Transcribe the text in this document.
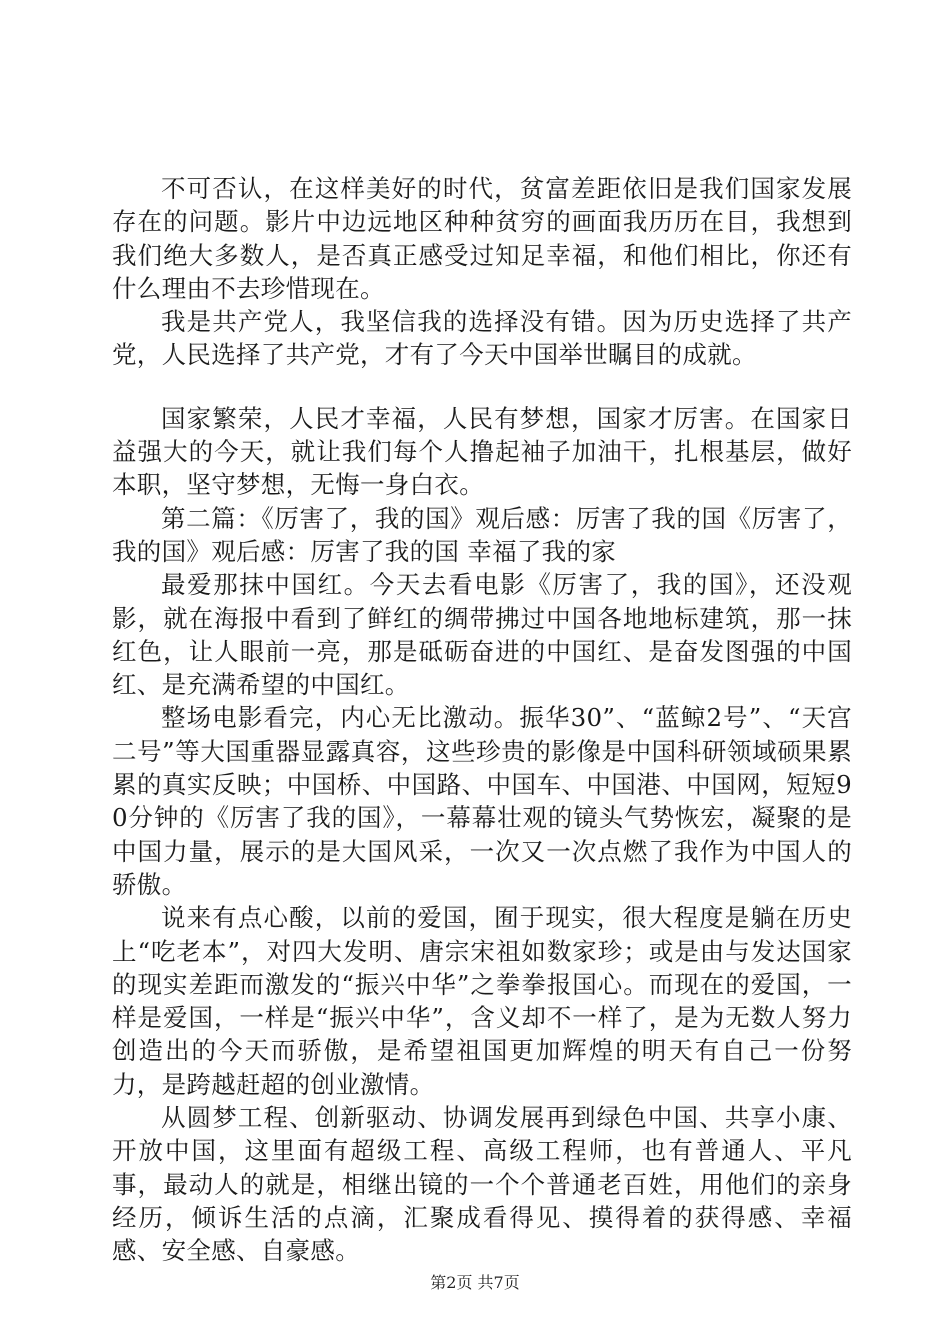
不可否认，在这样美好的时代，贫富差距依旧是我们国家发展存在的问题。影片中边远地区种种贫穷的画面我历历在目，我想到我们绝大多数人，是否真正感受过知足幸福，和他们相比，你还有什么理由不去珍惜现在。

我是共产党人，我坚信我的选择没有错。因为历史选择了共产党，人民选择了共产党，才有了今天中国举世瞩目的成就。

国家繁荣，人民才幸福，人民有梦想，国家才厉害。在国家日益强大的今天，就让我们每个人撸起袖子加油干，扎根基层，做好本职，坚守梦想，无悔一身白衣。

第二篇：《厉害了，我的国》观后感：厉害了我的国《厉害了，我的国》观后感：厉害了我的国 幸福了我的家

最爱那抹中国红。今天去看电影《厉害了，我的国》，还没观影，就在海报中看到了鲜红的绸带拂过中国各地地标建筑，那一抹红色，让人眼前一亮，那是砥砺奋进的中国红、是奋发图强的中国红、是充满希望的中国红。

整场电影看完，内心无比激动。振华30”、“蓝鲸2号”、“天宫二号”等大国重器显露真容，这些珍贵的影像是中国科研领域硕果累累的真实反映；中国桥、中国路、中国车、中国港、中国网，短短90分钟的《厉害了我的国》，一幕幕壮观的镜头气势恢宏，凝聚的是中国力量，展示的是大国风采，一次又一次点燃了我作为中国人的骄傲。

说来有点心酸，以前的爱国，囿于现实，很大程度是躺在历史上“吃老本”，对四大发明、唐宗宋祖如数家珍；或是由与发达国家的现实差距而激发的“振兴中华”之拳拳报国心。而现在的爱国，一样是爱国，一样是“振兴中华”，含义却不一样了，是为无数人努力创造出的今天而骄傲，是希望祖国更加辉煌的明天有自己一份努力，是跨越赶超的创业激情。

从圆梦工程、创新驱动、协调发展再到绿色中国、共享小康、开放中国，这里面有超级工程、高级工程师，也有普通人、平凡事，最动人的就是，相继出镜的一个个普通老百姓，用他们的亲身经历，倾诉生活的点滴，汇聚成看得见、摸得着的获得感、幸福感、安全感、自豪感。

第2页 共7页
